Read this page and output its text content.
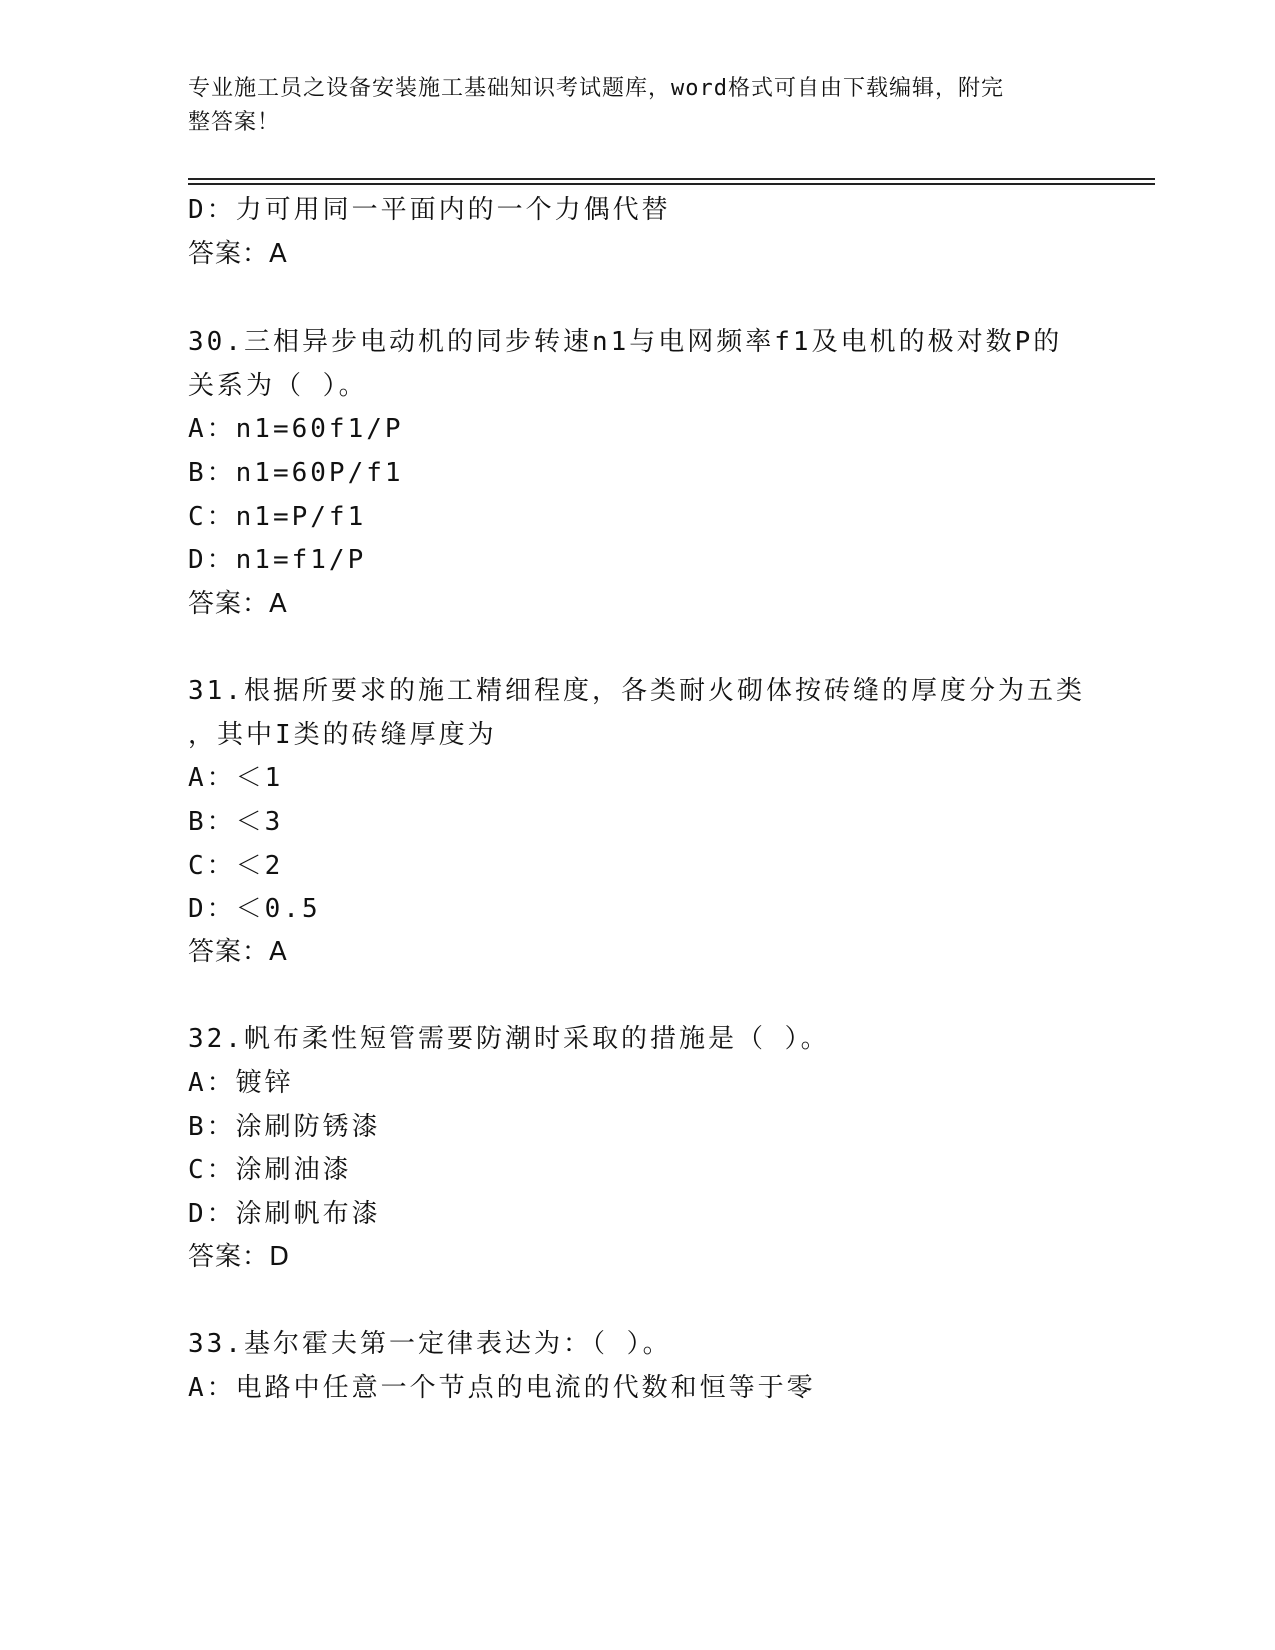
专业施工员之设备安装施工基础知识考试题库，word格式可自由下载编辑，附完
整答案！
D：力可用同一平面内的一个力偶代替
答案：A
30.三相异步电动机的同步转速n1与电网频率f1及电机的极对数P的
关系为（ ）。
A：n1=60f1/P
B：n1=60P/f1
C：n1=P/f1
D：n1=f1/P
答案：A
31.根据所要求的施工精细程度，各类耐火砌体按砖缝的厚度分为五类
，其中I类的砖缝厚度为
A：＜1
B：＜3
C：＜2
D：＜0.5
答案：A
32.帆布柔性短管需要防潮时采取的措施是（ ）。
A：镀锌
B：涂刷防锈漆
C：涂刷油漆
D：涂刷帆布漆
答案：D
33.基尔霍夫第一定律表达为：（ ）。
A：电路中任意一个节点的电流的代数和恒等于零
